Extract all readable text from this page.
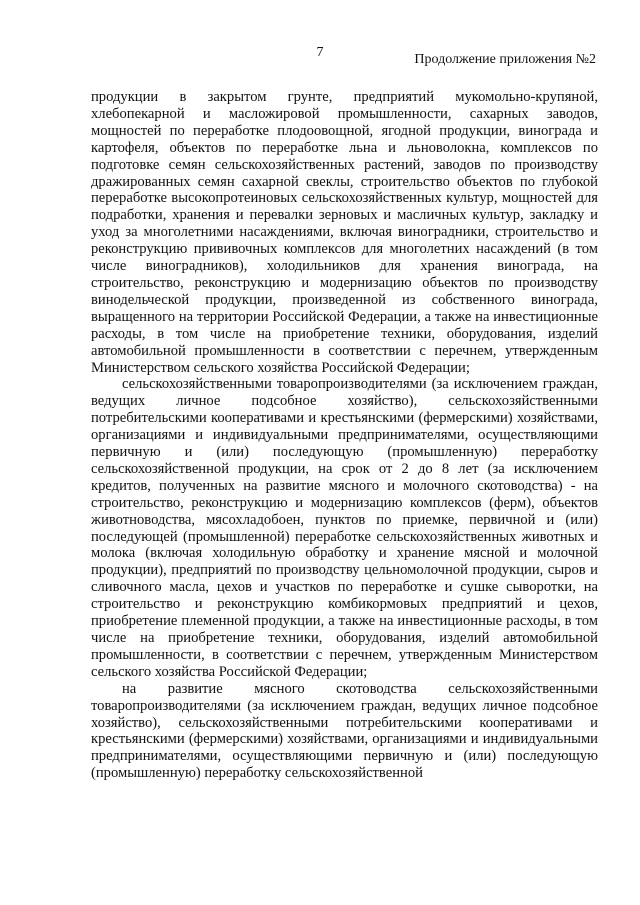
7	Продолжение приложения №2

продукции в закрытом грунте, предприятий мукомольно-крупяной, хлебопекарной и масложировой промышленности, сахарных заводов, мощностей по переработке плодоовощной, ягодной продукции, винограда и картофеля, объектов по переработке льна и льноволокна, комплексов по подготовке семян сельскохозяйственных растений, заводов по производству дражированных семян сахарной свеклы, строительство объектов по глубокой переработке высокопротеиновых сельскохозяйственных культур, мощностей для подработки, хранения и перевалки зерновых и масличных культур, закладку и уход за многолетними насаждениями, включая виноградники, строительство и реконструкцию прививочных комплексов для многолетних насаждений (в том числе виноградников), холодильников для хранения винограда, на строительство, реконструкцию и модернизацию объектов по производству винодельческой продукции, произведенной из собственного винограда, выращенного на территории Российской Федерации, а также на инвестиционные расходы, в том числе на приобретение техники, оборудования, изделий автомобильной промышленности в соответствии с перечнем, утвержденным Министерством сельского хозяйства Российской Федерации;

сельскохозяйственными товаропроизводителями (за исключением граждан, ведущих личное подсобное хозяйство), сельскохозяйственными потребительскими кооперативами и крестьянскими (фермерскими) хозяйствами, организациями и индивидуальными предпринимателями, осуществляющими первичную и (или) последующую (промышленную) переработку сельскохозяйственной продукции, на срок от 2 до 8 лет (за исключением кредитов, полученных на развитие мясного и молочного скотоводства) - на строительство, реконструкцию и модернизацию комплексов (ферм), объектов животноводства, мясохладобоен, пунктов по приемке, первичной и (или) последующей (промышленной) переработке сельскохозяйственных животных и молока (включая холодильную обработку и хранение мясной и молочной продукции), предприятий по производству цельномолочной продукции, сыров и сливочного масла, цехов и участков по переработке и сушке сыворотки, на строительство и реконструкцию комбикормовых предприятий и цехов, приобретение племенной продукции, а также на инвестиционные расходы, в том числе на приобретение техники, оборудования, изделий автомобильной промышленности, в соответствии с перечнем, утвержденным Министерством сельского хозяйства Российской Федерации;

на развитие мясного скотоводства сельскохозяйственными товаропроизводителями (за исключением граждан, ведущих личное подсобное хозяйство), сельскохозяйственными потребительскими кооперативами и крестьянскими (фермерскими) хозяйствами, организациями и индивидуальными предпринимателями, осуществляющими первичную и (или) последующую (промышленную) переработку сельскохозяйственной
